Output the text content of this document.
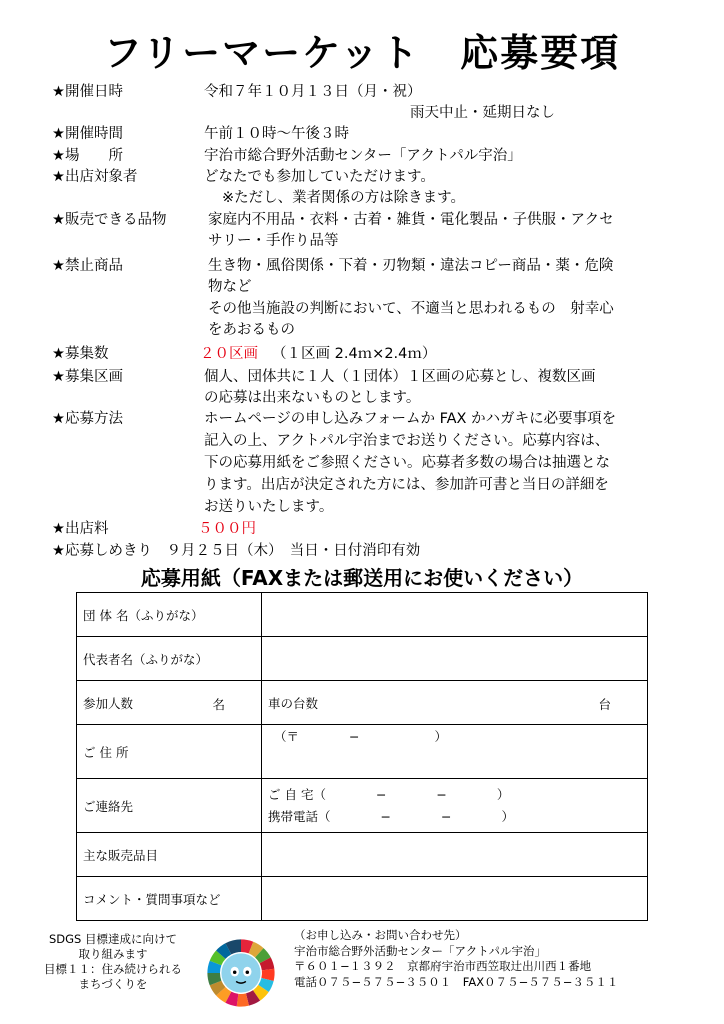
フリーマーケット　応募要項
★開催日時	令和７年１０月１３日（月・祝）
雨天中止・延期日なし
★開催時間	午前１０時〜午後３時
★場　　所	宇治市総合野外活動センター「アクトパル宇治」
★出店対象者	どなたでも参加していただけます。
※ただし、業者関係の方は除きます。
★販売できる品物	家庭内不用品・衣料・古着・雑貨・電化製品・子供服・アクセ
サリー・手作り品等
★禁止商品	生き物・風俗関係・下着・刃物類・違法コピー商品・薬・危険
物など
その他当施設の判断において、不適当と思われるもの　射幸心
をあおるもの
★募集数	２０区画 （１区画 2.4ｍ×2.4ｍ）
★募集区画	個人、団体共に１人（１団体）１区画の応募とし、複数区画
の応募は出来ないものとします。
★応募方法	ホームページの申し込みフォームか FAX かハガキに必要事項を
記入の上、アクトパル宇治までお送りください。応募内容は、
下の応募用紙をご参照ください。応募者多数の場合は抽選とな
ります。出店が決定された方には、参加許可書と当日の詳細を
お送りいたします。
★出店料	５００円
★応募しめきり　９月２５日（木）　当日・日付消印有効
応募用紙（FAXまたは郵送用にお使いください）
団 体 名（ふりがな）	
代表者名（ふりがな）	
参加人数 名	車の台数 台

ご 住 所	（〒　　　　−　　　　　　）
ご連絡先	ご 自 宅（　　　　−　　　　−　　　　）
携帯電話（　　　　−　　　　−　　　　）

主な販売品目	
コメント・質問事項など	
SDGS 目標達成に向けて
取り組みます
目標１１：住み続けられる
まちづくりを
（お申し込み・お問い合わせ先）
宇治市総合野外活動センター「アクトパル宇治」
〒６０１−１３９２　京都府宇治市西笠取辻出川西１番地
電話０７５−５７５−３５０１　FAX０７５−５７５−３５１１
